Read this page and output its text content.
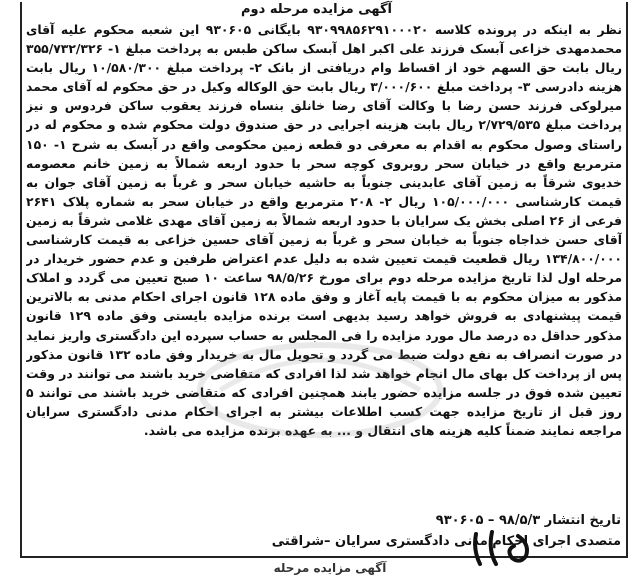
آگهی مزایده مرحله دوم
نظر به اینکه در پرونده کلاسه ۹۳۰۹۹۸۵۶۲۹۱۰۰۰۲۰ بایگانی ۹۳۰۶۰۵ این شعبه محکوم علیه آقای محمدمهدی خزاعی آبسک فرزند علی اکبر اهل آبسک ساکن طبس به پرداخت مبلغ ۱- ۳۵۵/۷۳۲/۳۲۶ ریال بابت حق السهم خود از اقساط وام دریافتی از بانک ۲- پرداخت مبلغ ۱۰/۵۸۰/۳۰۰ ریال بابت هزینه دادرسی ۳- پرداخت مبلغ ۳/۰۰۰/۶۰۰ ریال بابت حق الوکاله وکیل در حق محکوم له آقای محمد میرلوکی فرزند حسن رضا با وکالت آقای رضا خانلق بنساه فرزند یعقوب ساکن فردوس و نیز پرداخت مبلغ ۲/۷۲۹/۵۳۵ ریال بابت هزینه اجرایی در حق صندوق دولت محکوم شده و محکوم له در راستای وصول محکوم به اقدام به معرفی دو قطعه زمین محکومی واقع در آبسک به شرح ۱- ۱۵۰ مترمربع واقع در خیابان سحر روبروی کوچه سحر با حدود اربعه شمالاً به زمین خانم معصومه خدیوی شرقاً به زمین آقای عابدینی جنوباً به حاشیه خیابان سحر و غرباً به زمین آقای جوان به قیمت کارشناسی ۱۰۵/۰۰۰/۰۰۰ ریال ۲- ۲۰۸ مترمربع واقع در خیابان سحر به شماره پلاک ۲۶۴۱ فرعی از ۲۶ اصلی بخش یک سرایان با حدود اربعه شمالاً به زمین آقای مهدی غلامی شرقاً به زمین آقای حسن خداجاه جنوباً به خیابان سحر و غرباً به زمین آقای حسین خزاعی به قیمت کارشناسی ۱۳۴/۸۰۰/۰۰۰ ریال قطعیت قیمت تعیین شده به دلیل عدم اعتراض طرفین و عدم حضور خریدار در مرحله اول لذا تاریخ مزایده مرحله دوم برای مورخ ۹۸/۵/۲۶ ساعت ۱۰ صبح تعیین می گردد و املاک مذکور به میزان محکوم به با قیمت پایه آغاز و وفق ماده ۱۲۸ قانون اجرای احکام مدنی به بالاترین قیمت پیشنهادی به فروش خواهد رسید بدیهی است برنده مزایده بایستی وفق ماده ۱۲۹ قانون مذکور حداقل ده درصد مال مورد مزایده را فی المجلس به حساب سپرده این دادگستری واریز نماید در صورت انصراف به نفع دولت ضبط می گردد و تحویل مال به خریدار وفق ماده ۱۳۲ قانون مذکور پس از پرداخت کل بهای مال انجام خواهد شد لذا افرادی که متقاضی خرید باشند می توانند در وقت تعیین شده فوق در جلسه مزایده حضور یابند همچنین افرادی که متقاضی خرید باشند می توانند ۵ روز قبل از تاریخ مزایده جهت کسب اطلاعات بیشتر به اجرای احکام مدنی دادگستری سرایان مراجعه نمایند ضمناً کلیه هزینه های انتقال و ... به عهده برنده مزایده می باشد.
تاریخ انتشار ۹۸/۵/۳ – ۹۳۰۶۰۵
متصدی اجرای احکام مدنی دادگستری سرایان –شراقتی
آگهی مزایده مرحله
